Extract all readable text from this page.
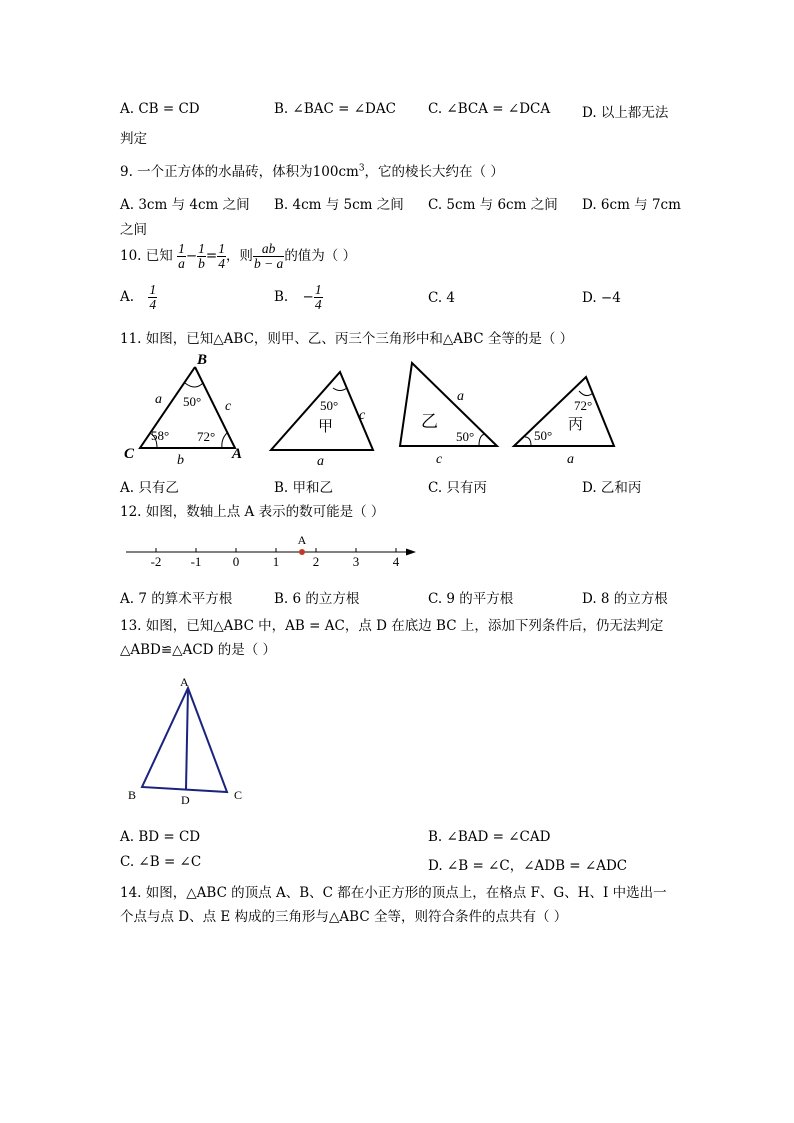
A. CB = CD	B. ∠BAC = ∠DAC C. ∠BCA = ∠DCA D. 以上都无法
判定
9. 一个正方体的水晶砖，体积为$100cm^3$，它的棱长大约在（ ）
A. 3cm 与 4cm 之间 B. 4cm 与 5cm 之间 C. 5cm 与 6cm 之间 D. 6cm 与 7cm
之间
10. 已知 $\frac{1}{a} - \frac{1}{b} = \frac{1}{4}$ ，则 $\frac{ab}{b - a}$ 的值为（ ）
A. $\frac{1}{4}$	B. − $\frac{1}{4}$	C. 4	D. −4
11. 如图，已知△ABC，则甲、乙、丙三个三角形中和△ABC 全等的是（ ）
B
C	A
a	c
b
50°
58° 72°
50°
c
a
甲
50°
a
c
乙
50°
72°
a
丙
A. 只有乙	B. 甲和乙	C. 只有丙	D. 乙和丙
12. 如图，数轴上点 A 表示的数可能是（ ）
-2 -1 0	1	2	3	4
A
A. 7 的算术平方根	B. 6 的立方根	C. 9 的平方根	D. 8 的立方根
13. 如图，已知△ABC 中，AB = AC，点 D 在底边 BC 上，添加下列条件后，仍无法判定
△ABD≌△ACD 的是（ ）
A
B	C
D
A. BD = CD	B. ∠BAD = ∠CAD
C. ∠B = ∠C	D. ∠B = ∠C，∠ADB = ∠ADC
14. 如图，△ABC 的顶点 A、B、C 都在小正方形的顶点上，在格点 F、G、H、I 中选出一
个点与点 D、点 E 构成的三角形与△ABC 全等，则符合条件的点共有（ ）
